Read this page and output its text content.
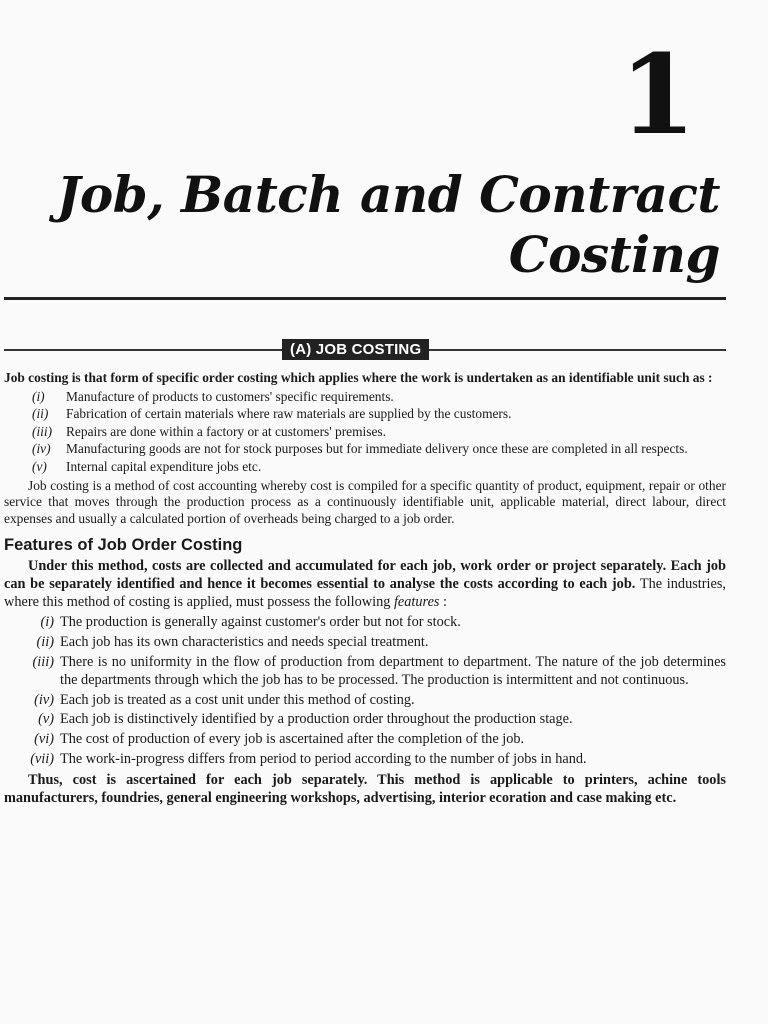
1
Job, Batch and Contract
Costing
(A) JOB COSTING

Job costing is that form of specific order costing which applies where the work is undertaken as an identifiable unit such as :

(i)	Manufacture of products to customers' specific requirements.
(ii)	Fabrication of certain materials where raw materials are supplied by the customers.
(iii)	Repairs are done within a factory or at customers' premises.
(iv)	Manufacturing goods are not for stock purposes but for immediate delivery once these are completed in all respects.
(v)	Internal capital expenditure jobs etc.

Job costing is a method of cost accounting whereby cost is compiled for a specific quantity of product, equipment, repair or other service that moves through the production process as a continuously identifiable unit, applicable material, direct labour, direct expenses and usually a calculated portion of overheads being charged to a job order.

Features of Job Order Costing

Under this method, costs are collected and accumulated for each job, work order or project separately. Each job can be separately identified and hence it becomes essential to analyse the costs according to each job. The industries, where this method of costing is applied, must possess the following features :

(i) The production is generally against customer's order but not for stock.
(ii) Each job has its own characteristics and needs special treatment.
(iii) There is no uniformity in the flow of production from department to department. The nature of the job determines the departments through which the job has to be processed. The production is intermittent and not continuous.
(iv) Each job is treated as a cost unit under this method of costing.
(v) Each job is distinctively identified by a production order throughout the production stage.
(vi) The cost of production of every job is ascertained after the completion of the job.
(vii) The work-in-progress differs from period to period according to the number of jobs in hand.

Thus, cost is ascertained for each job separately. This method is applicable to printers, achine tools manufacturers, foundries, general engineering workshops, advertising, interior ecoration and case making etc.
